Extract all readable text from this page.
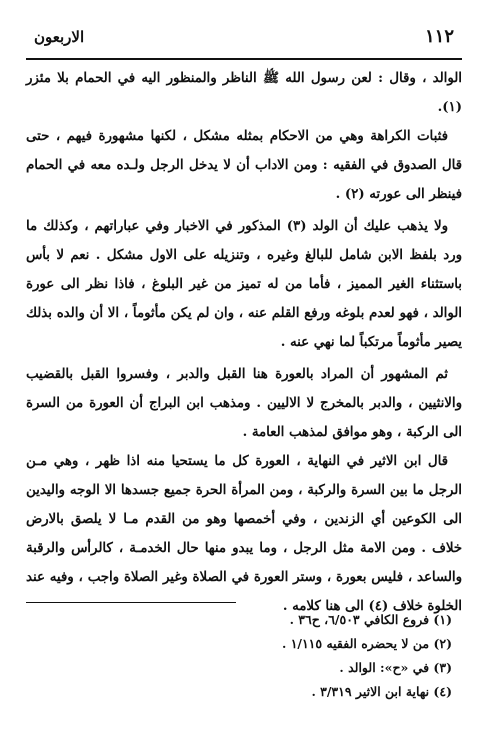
١١٢
الاربعون

الوالد ، وقال : لعن رسول الله ﷺ الناظر والمنظور اليه في الحمام بلا مئزر (١).

فثبات الكراهة وهي من الاحكام بمثله مشكل ، لكنها مشهورة فيهم ، حتى قال الصدوق في الفقيه : ومن الاداب أن لا يدخل الرجل ولـده معه في الحمام فينظر الى عورته (٢) .

ولا يذهب عليك أن الولد (٣) المذكور في الاخبار وفي عباراتهم ، وكذلك ما ورد بلفظ الابن شامل للبالغ وغيره ، وتنزيله على الاول مشكل . نعم لا بأس باستثناء الغير المميز ، فأما من له تميز من غير البلوغ ، فاذا نظر الى عورة الوالد ، فهو لعدم بلوغه ورفع القلم عنه ، وان لم يكن مأثوماً ، الا أن والده بذلك يصير مأثوماً مرتكباً لما نهي عنه .

ثم المشهور أن المراد بالعورة هنا القبل والدبر ، وفسروا القبل بالقضيب والانثيين ، والدبر بالمخرج لا الاليين . ومذهب ابن البراج أن العورة من السرة الى الركبة ، وهو موافق لمذهب العامة .

قال ابن الاثير في النهاية ، العورة كل ما يستحيا منه اذا ظهر ، وهي مـن الرجل ما بين السرة والركبة ، ومن المرأة الحرة جميع جسدها الا الوجه واليدين الى الكوعين أي الزندين ، وفي أخمصها وهو من القدم مـا لا يلصق بالارض خلاف . ومن الامة مثل الرجل ، وما يبدو منها حال الخدمـة ، كالرأس والرقبة والساعد ، فليس بعورة ، وستر العورة في الصلاة وغير الصلاة واجب ، وفيه عند الخلوة خلاف (٤) الى هنا كلامه .

(١) فروع الكافي ٦/٥٠٣، ح٣٦ .
(٢) من لا يحضره الفقيه ١/١١٥ .
(٣) في «ح»: الوالد .
(٤) نهاية ابن الاثير ٣/٣١٩ .
